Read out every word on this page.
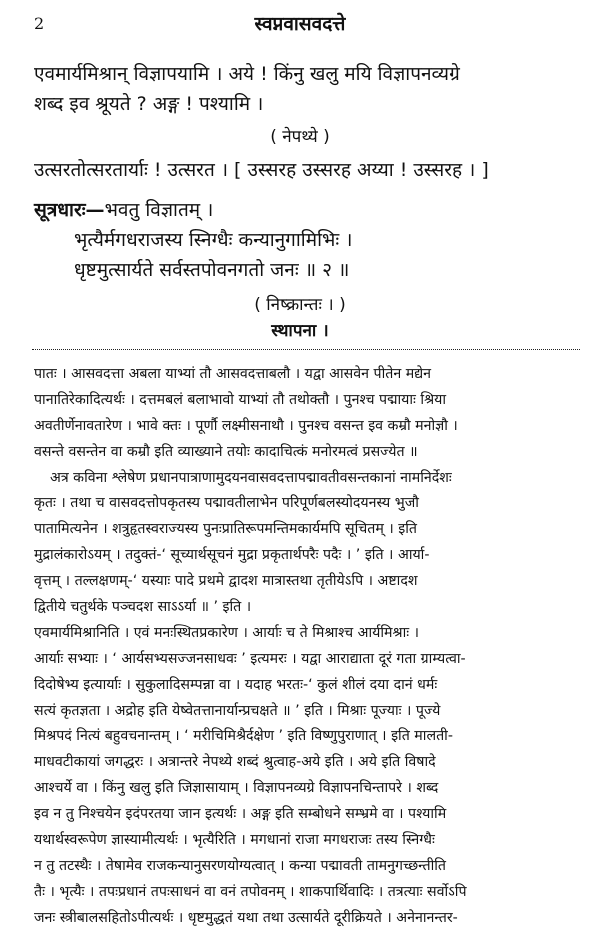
2	स्वप्नवासवदत्ते
एवमार्यमिश्रान् विज्ञापयामि । अये ! किंनु खलु मयि विज्ञापनव्यग्रे
शब्द इव श्रूयते ? अङ्ग ! पश्यामि ।
( नेपथ्ये )
उत्सरतोत्सरतार्याः ! उत्सरत । [ उस्सरह उस्सरह अय्या ! उस्सरह । ]
सूत्रधारः—भवतु विज्ञातम् ।
भृत्यैर्मगधराजस्य स्निग्धैः कन्यानुगामिभिः ।
धृष्टमुत्सार्यते सर्वस्तपोवनगतो जनः ॥ २ ॥
( निष्क्रान्तः । )
स्थापना ।
पातः । आसवदत्ता अबला याभ्यां तौ आसवदत्ताबलौ । यद्वा आसवेन पीतेन मद्येन
पानातिरेकादित्यर्थः । दत्तमबलं बलाभावो याभ्यां तौ तथोक्तौ । पुनश्च पद्मायाः श्रिया
अवतीर्णेनावतारेण । भावे क्तः । पूर्णौ लक्ष्मीसनाथौ । पुनश्च वसन्त इव कम्रौ मनोज्ञौ ।
वसन्ते वसन्तेन वा कम्रौ इति व्याख्याने तयोः कादाचित्कं मनोरमत्वं प्रसज्येत ॥
अत्र कविना श्लेषेण प्रधानपात्राणामुदयनवासवदत्तापद्मावतीवसन्तकानां नामनिर्देशः
कृतः । तथा च वासवदत्तोपकृतस्य पद्मावतीलाभेन परिपूर्णबलस्योदयनस्य भुजौ
पातामित्यनेन । शत्रुहृतस्वराज्यस्य पुनःप्रातिरूपमन्तिमकार्यमपि सूचितम् । इति
मुद्रालंकारोऽयम् । तदुक्तं-‘ सूच्यार्थसूचनं मुद्रा प्रकृतार्थपरैः पदैः । ’ इति । आर्या-
वृत्तम् । तल्लक्षणम्-‘ यस्याः पादे प्रथमे द्वादश मात्रास्तथा तृतीयेऽपि । अष्टादश
द्वितीये चतुर्थके पञ्चदश साऽऽर्या ॥ ’ इति ।
एवमार्यमिश्रानिति । एवं मनःस्थितप्रकारेण । आर्याः च ते मिश्राश्च आर्यमिश्राः ।
आर्याः सभ्याः । ‘ आर्यसभ्यसज्जनसाधवः ’ इत्यमरः । यद्वा आराद्याता दूरं गता ग्राम्यत्वा-
दिदोषेभ्य इत्यार्याः । सुकुलादिसम्पन्ना वा । यदाह भरतः-‘ कुलं शीलं दया दानं धर्मः
सत्यं कृतज्ञता । अद्रोह इति येष्वेतत्तानार्यान्प्रचक्षते ॥ ’ इति । मिश्राः पूज्याः । पूज्ये
मिश्रपदं नित्यं बहुवचनान्तम् । ‘ मरीचिमिश्रैर्दक्षेण ’ इति विष्णुपुराणात् । इति मालती-
माधवटीकायां जगद्धरः । अत्रान्तरे नेपथ्ये शब्दं श्रुत्वाह-अये इति । अये इति विषादे
आश्चर्ये वा । किंनु खलु इति जिज्ञासायाम् । विज्ञापनव्यग्रे विज्ञापनचिन्तापरे । शब्द
इव न तु निश्चयेन इदंपरतया जान इत्यर्थः । अङ्ग इति सम्बोधने सम्भ्रमे वा । पश्यामि
यथार्थस्वरूपेण ज्ञास्यामीत्यर्थः । भृत्यैरिति । मगधानां राजा मगधराजः तस्य स्निग्धैः
न तु तटस्थैः । तेषामेव राजकन्यानुसरणयोग्यत्वात् । कन्या पद्मावती तामनुगच्छन्तीति
तैः । भृत्यैः । तपःप्रधानं तपःसाधनं वा वनं तपोवनम् । शाकपार्थिवादिः । तत्रत्याः सर्वोऽपि
जनः स्त्रीबालसहितोऽपीत्यर्थः । धृष्टमुद्धतं यथा तथा उत्सार्यते दूरीक्रियते । अनेनानन्तर-
